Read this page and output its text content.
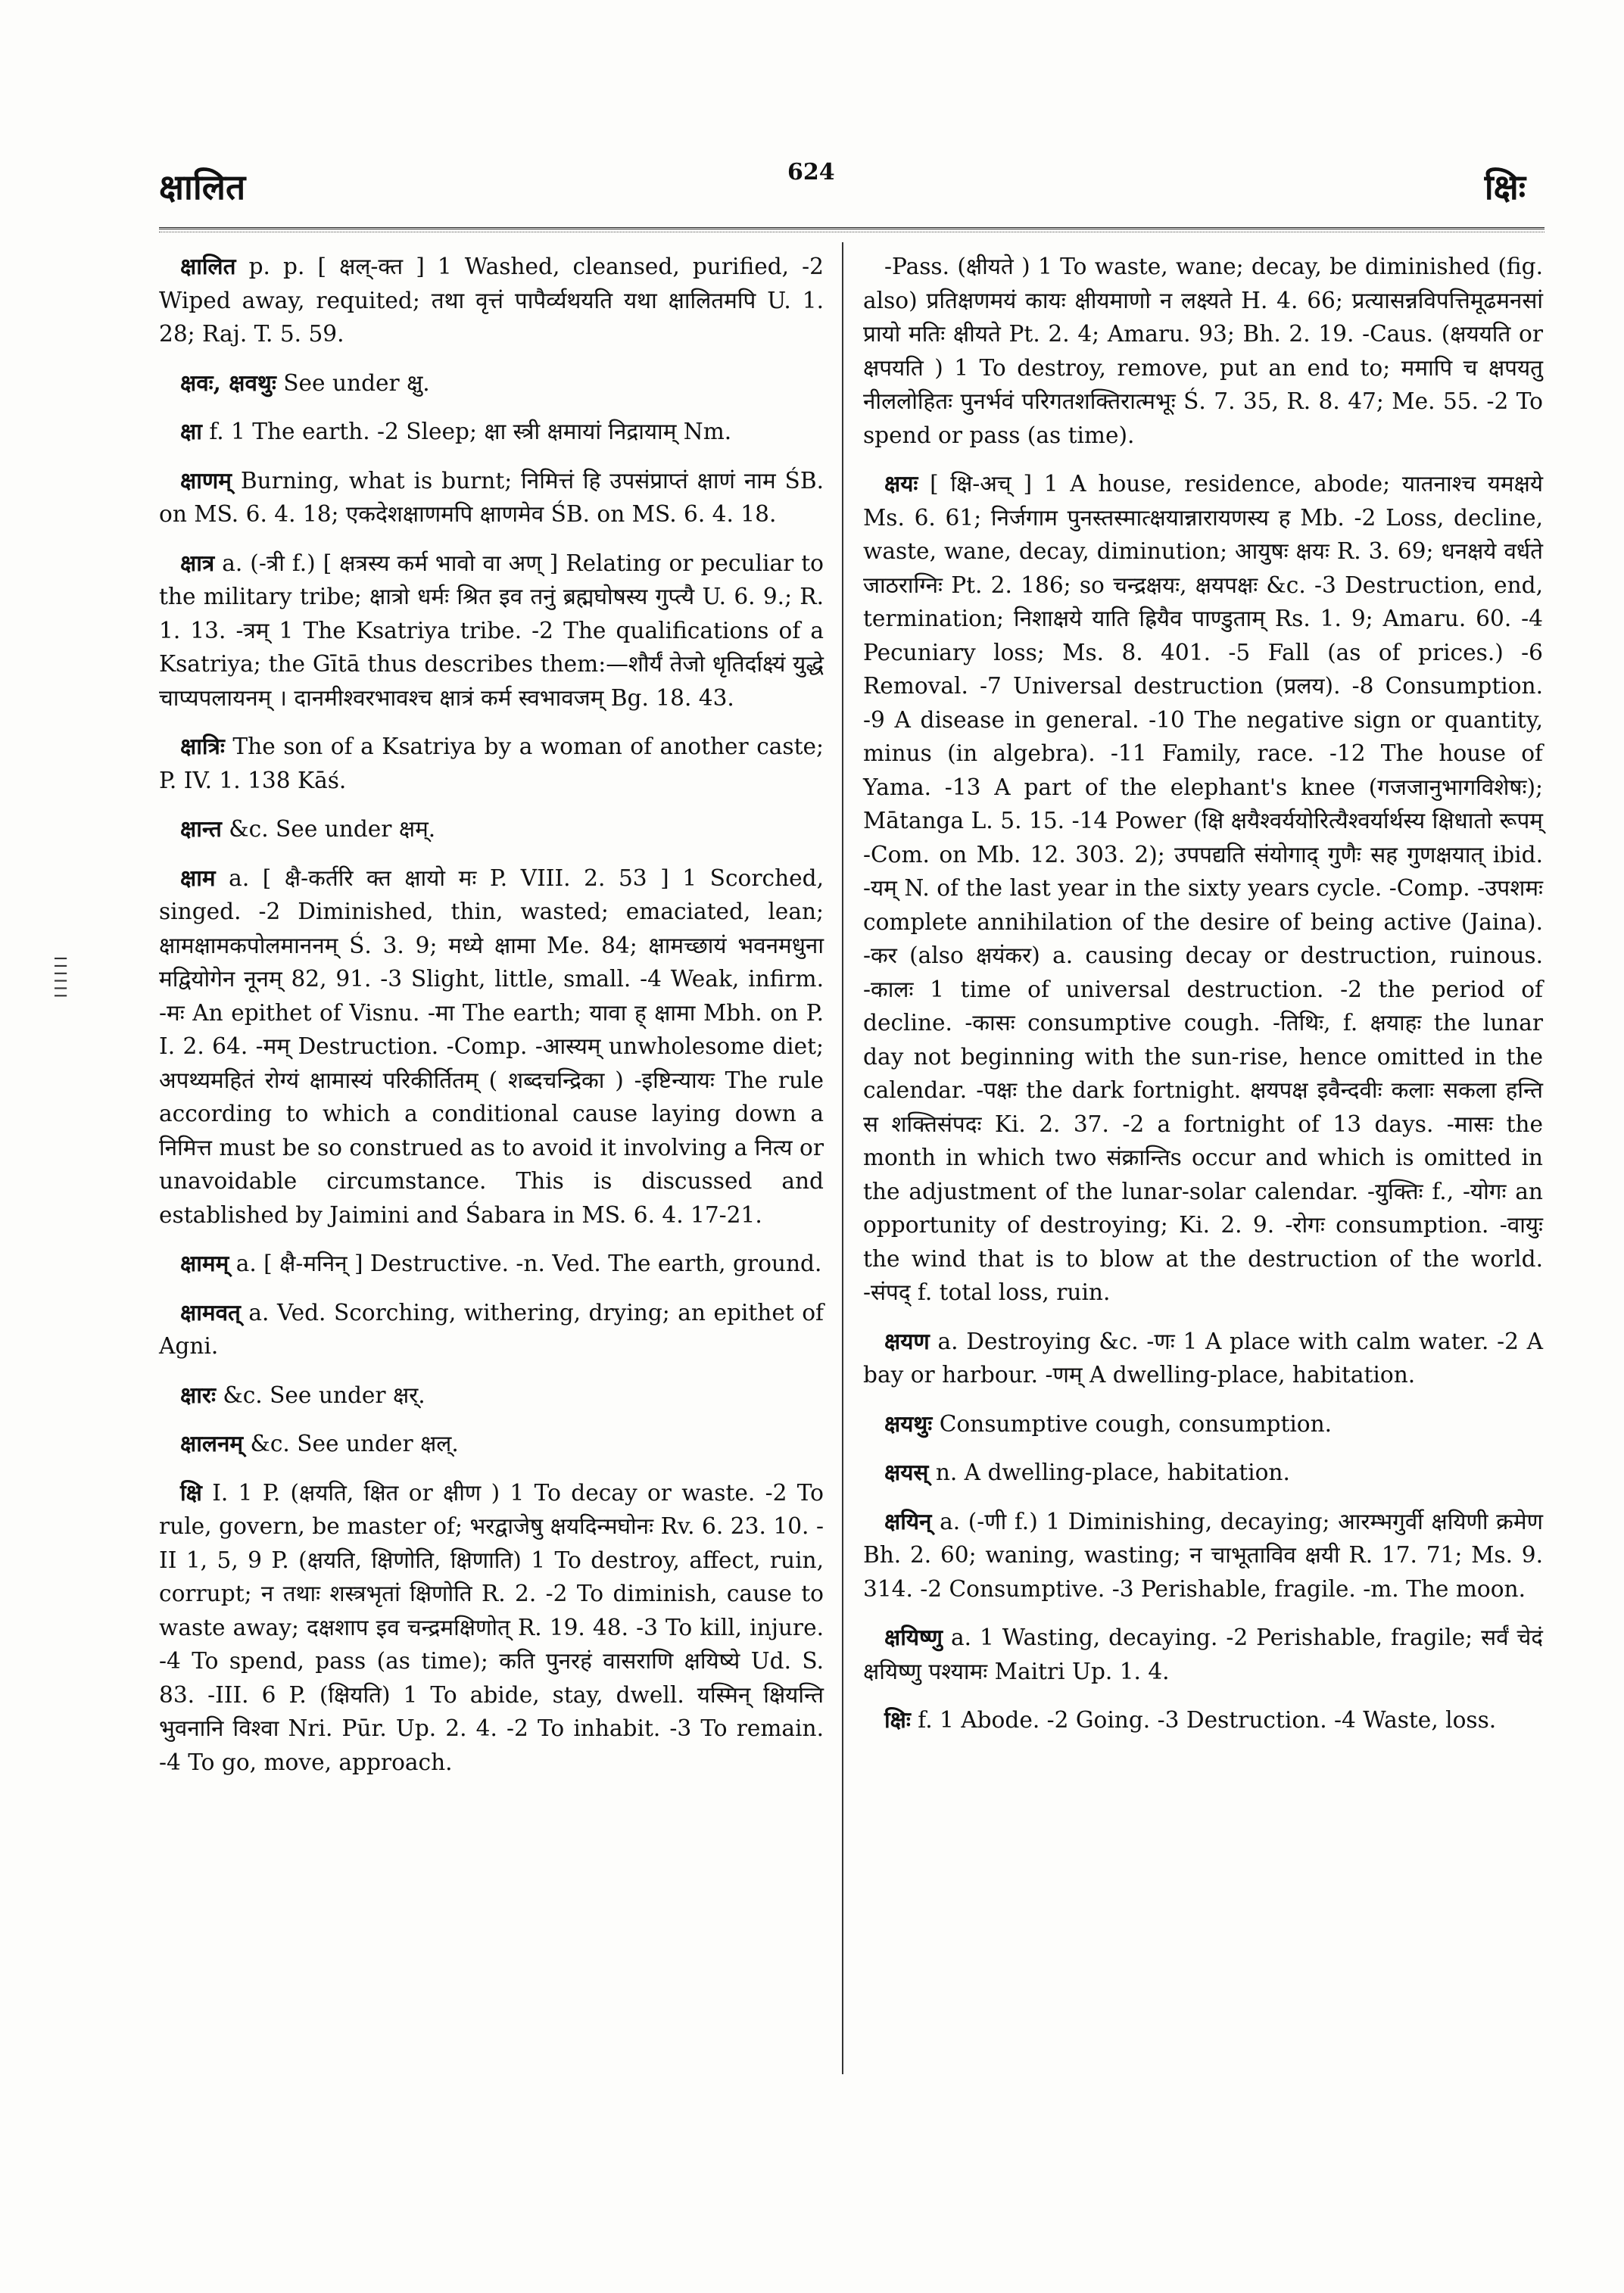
क्षालित	624	क्षिः
।।।।।।

क्षालित p. p. [ क्षल्-क्त ] 1 Washed, cleansed, purified, -2 Wiped away, requited; तथा वृत्तं पापैर्व्यथयति यथा क्षालितमपि U. 1. 28; Raj. T. 5. 59.

क्षवः, क्षवथुः See under क्षु.

क्षा f. 1 The earth. -2 Sleep; क्षा स्त्री क्षमायां निद्रायाम् Nm.

क्षाणम् Burning, what is burnt; निमित्तं हि उपसंप्राप्तं क्षाणं नाम ŚB. on MS. 6. 4. 18; एकदेशक्षाणमपि क्षाणमेव ŚB. on MS. 6. 4. 18.

क्षात्र a. (-त्री f.) [ क्षत्रस्य कर्म भावो वा अण् ] Relating or peculiar to the military tribe; क्षात्रो धर्मः श्रित इव तनुं ब्रह्मघोषस्य गुप्त्यै U. 6. 9.; R. 1. 13. -त्रम् 1 The Ksatriya tribe. -2 The qualifications of a Ksatriya; the Gītā thus describes them:—शौर्यं तेजो धृतिर्दाक्ष्यं युद्धे चाप्यपलायनम् । दानमीश्वरभावश्च क्षात्रं कर्म स्वभावजम् Bg. 18. 43.

क्षात्रिः The son of a Ksatriya by a woman of another caste; P. IV. 1. 138 Kāś.

क्षान्त &c. See under क्षम्.

क्षाम a. [ क्षै-कर्तरि क्त क्षायो मः P. VIII. 2. 53 ] 1 Scorched, singed. -2 Diminished, thin, wasted; emaciated, lean; क्षामक्षामकपोलमाननम् Ś. 3. 9; मध्ये क्षामा Me. 84; क्षामच्छायं भवनमधुना मद्वियोगेन नूनम् 82, 91. -3 Slight, little, small. -4 Weak, infirm. -मः An epithet of Visnu. -मा The earth; यावा ह् क्षामा Mbh. on P. I. 2. 64. -मम् Destruction. -Comp. -आस्यम् unwholesome diet; अपथ्यमहितं रोग्यं क्षामास्यं परिकीर्तितम् ( शब्दचन्द्रिका ) -इष्टिन्यायः The rule according to which a conditional cause laying down a निमित्त must be so construed as to avoid it involving a नित्य or unavoidable circumstance. This is discussed and established by Jaimini and Śabara in MS. 6. 4. 17-21.

क्षामम् a. [ क्षै-मनिन् ] Destructive. -n. Ved. The earth, ground.

क्षामवत् a. Ved. Scorching, withering, drying; an epithet of Agni.

क्षारः &c. See under क्षर्.

क्षालनम् &c. See under क्षल्.

क्षि I. 1 P. (क्षयति, क्षित or क्षीण ) 1 To decay or waste. -2 To rule, govern, be master of; भरद्वाजेषु क्षयदिन्मघोनः Rv. 6. 23. 10. -II 1, 5, 9 P. (क्षयति, क्षिणोति, क्षिणाति) 1 To destroy, affect, ruin, corrupt; न तथाः शस्त्रभृतां क्षिणोति R. 2. -2 To diminish, cause to waste away; दक्षशाप इव चन्द्रमक्षिणोत् R. 19. 48. -3 To kill, injure. -4 To spend, pass (as time); कति पुनरहं वासराणि क्षयिष्ये Ud. S. 83. -III. 6 P. (क्षियति) 1 To abide, stay, dwell. यस्मिन् क्षियन्ति भुवनानि विश्वा Nri. Pūr. Up. 2. 4. -2 To inhabit. -3 To remain. -4 To go, move, approach.

-Pass. (क्षीयते ) 1 To waste, wane; decay, be diminished (fig. also) प्रतिक्षणमयं कायः क्षीयमाणो न लक्ष्यते H. 4. 66; प्रत्यासन्नविपत्तिमूढमनसां प्रायो मतिः क्षीयते Pt. 2. 4; Amaru. 93; Bh. 2. 19. -Caus. (क्षययति or क्षपयति ) 1 To destroy, remove, put an end to; ममापि च क्षपयतु नीललोहितः पुनर्भवं परिगतशक्तिरात्मभूः Ś. 7. 35, R. 8. 47; Me. 55. -2 To spend or pass (as time).

क्षयः [ क्षि-अच् ] 1 A house, residence, abode; यातनाश्च यमक्षये Ms. 6. 61; निर्जगाम पुनस्तस्मात्क्षयान्नारायणस्य ह Mb. -2 Loss, decline, waste, wane, decay, diminution; आयुषः क्षयः R. 3. 69; धनक्षये वर्धते जाठराग्निः Pt. 2. 186; so चन्द्रक्षयः, क्षयपक्षः &c. -3 Destruction, end, termination; निशाक्षये याति ह्रियैव पाण्डुताम् Rs. 1. 9; Amaru. 60. -4 Pecuniary loss; Ms. 8. 401. -5 Fall (as of prices.) -6 Removal. -7 Universal destruction (प्रलय). -8 Consumption. -9 A disease in general. -10 The negative sign or quantity, minus (in algebra). -11 Family, race. -12 The house of Yama. -13 A part of the elephant's knee (गजजानुभागविशेषः); Mātanga L. 5. 15. -14 Power (क्षि क्षयैश्वर्ययोरित्यैश्वर्यार्थस्य क्षिधातो रूपम् -Com. on Mb. 12. 303. 2); उपपद्यति संयोगाद् गुणैः सह गुणक्षयात् ibid. -यम् N. of the last year in the sixty years cycle. -Comp. -उपशमः complete annihilation of the desire of being active (Jaina). -कर (also क्षयंकर) a. causing decay or destruction, ruinous. -कालः 1 time of universal destruction. -2 the period of decline. -कासः consumptive cough. -तिथिः, f. क्षयाहः the lunar day not beginning with the sun-rise, hence omitted in the calendar. -पक्षः the dark fortnight. क्षयपक्ष इवैन्दवीः कलाः सकला हन्ति स शक्तिसंपदः Ki. 2. 37. -2 a fortnight of 13 days. -मासः the month in which two संक्रान्तिs occur and which is omitted in the adjustment of the lunar-solar calendar. -युक्तिः f., -योगः an opportunity of destroying; Ki. 2. 9. -रोगः consumption. -वायुः the wind that is to blow at the destruction of the world. -संपद् f. total loss, ruin.

क्षयण a. Destroying &c. -णः 1 A place with calm water. -2 A bay or harbour. -णम् A dwelling-place, habitation.

क्षयथुः Consumptive cough, consumption.

क्षयस् n. A dwelling-place, habitation.

क्षयिन् a. (-णी f.) 1 Diminishing, decaying; आरम्भगुर्वी क्षयिणी क्रमेण Bh. 2. 60; waning, wasting; न चाभूताविव क्षयी R. 17. 71; Ms. 9. 314. -2 Consumptive. -3 Perishable, fragile. -m. The moon.

क्षयिष्णु a. 1 Wasting, decaying. -2 Perishable, fragile; सर्वं चेदं क्षयिष्णु पश्यामः Maitri Up. 1. 4.

क्षिः f. 1 Abode. -2 Going. -3 Destruction. -4 Waste, loss.
